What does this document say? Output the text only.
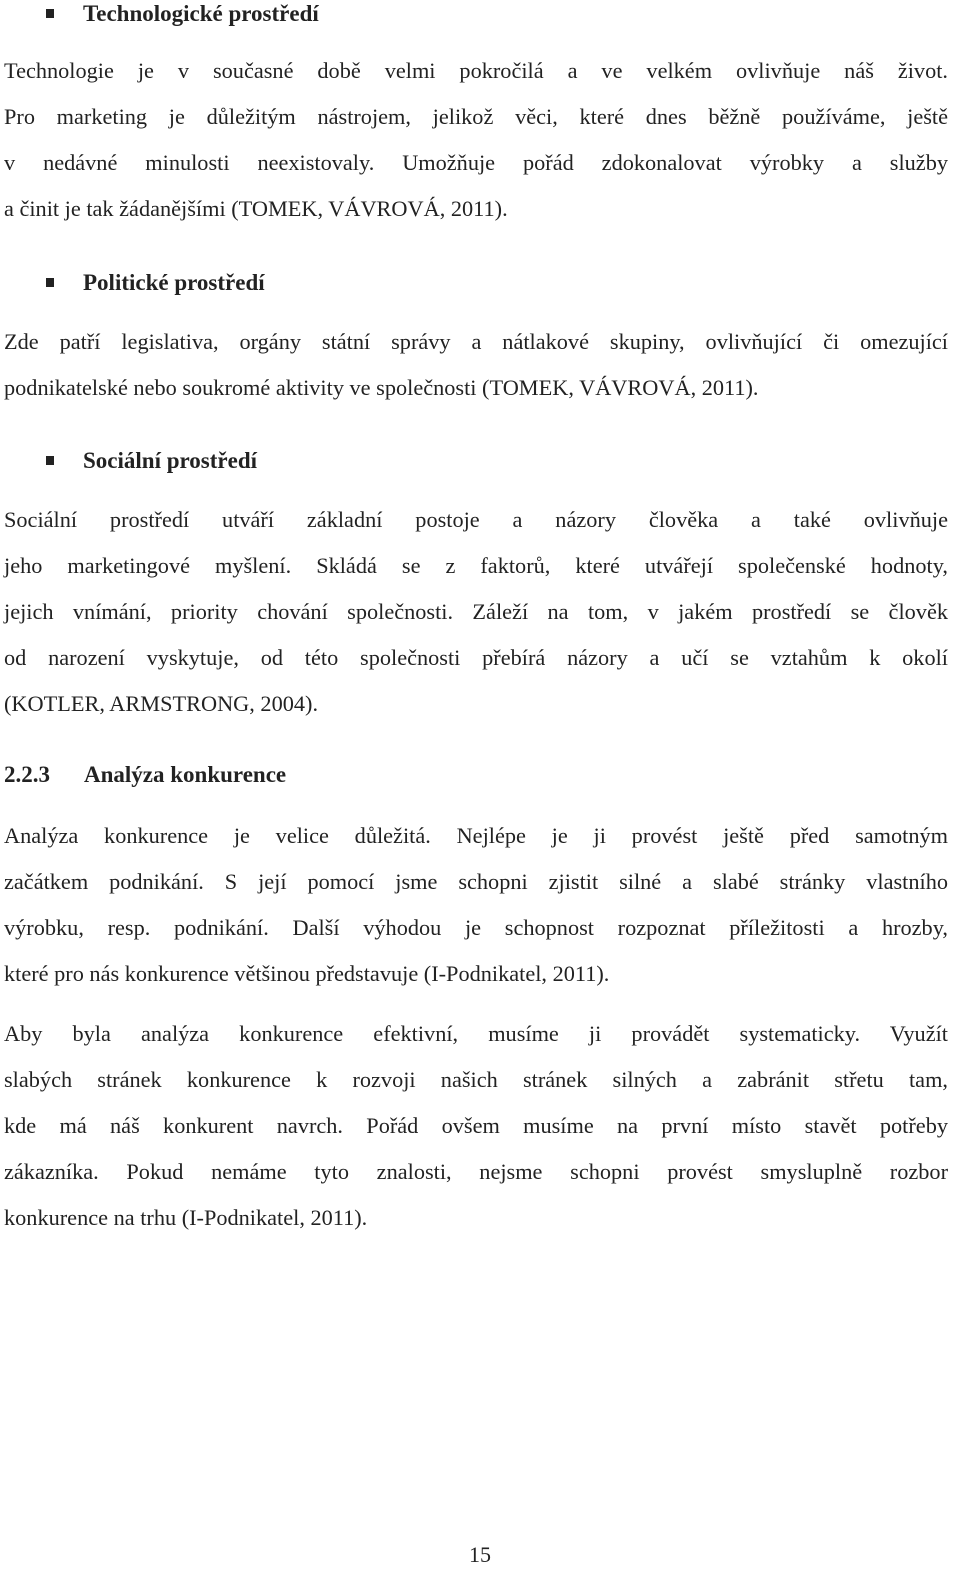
Technologické prostředí
Technologie je v současné době velmi pokročilá a ve velkém ovlivňuje náš život.
Pro marketing je důležitým nástrojem, jelikož věci, které dnes běžně používáme, ještě
v nedávné minulosti neexistovaly. Umožňuje pořád zdokonalovat výrobky a služby
a činit je tak žádanějšími (TOMEK, VÁVROVÁ, 2011).
Politické prostředí
Zde patří legislativa, orgány státní správy a nátlakové skupiny, ovlivňující či omezující
podnikatelské nebo soukromé aktivity ve společnosti (TOMEK, VÁVROVÁ, 2011).
Sociální prostředí
Sociální prostředí utváří základní postoje a názory člověka a také ovlivňuje
jeho marketingové myšlení. Skládá se z faktorů, které utvářejí společenské hodnoty,
jejich vnímání, priority chování společnosti. Záleží na tom, v jakém prostředí se člověk
od narození vyskytuje, od této společnosti přebírá názory a učí se vztahům k okolí
(KOTLER, ARMSTRONG, 2004).
2.2.3 Analýza konkurence
Analýza konkurence je velice důležitá. Nejlépe je ji provést ještě před samotným
začátkem podnikání. S její pomocí jsme schopni zjistit silné a slabé stránky vlastního
výrobku, resp. podnikání. Další výhodou je schopnost rozpoznat příležitosti a hrozby,
které pro nás konkurence většinou představuje (I-Podnikatel, 2011).
Aby byla analýza konkurence efektivní, musíme ji provádět systematicky. Využít
slabých stránek konkurence k rozvoji našich stránek silných a zabránit střetu tam,
kde má náš konkurent navrch. Pořád ovšem musíme na první místo stavět potřeby
zákazníka. Pokud nemáme tyto znalosti, nejsme schopni provést smysluplně rozbor
konkurence na trhu (I-Podnikatel, 2011).
15
